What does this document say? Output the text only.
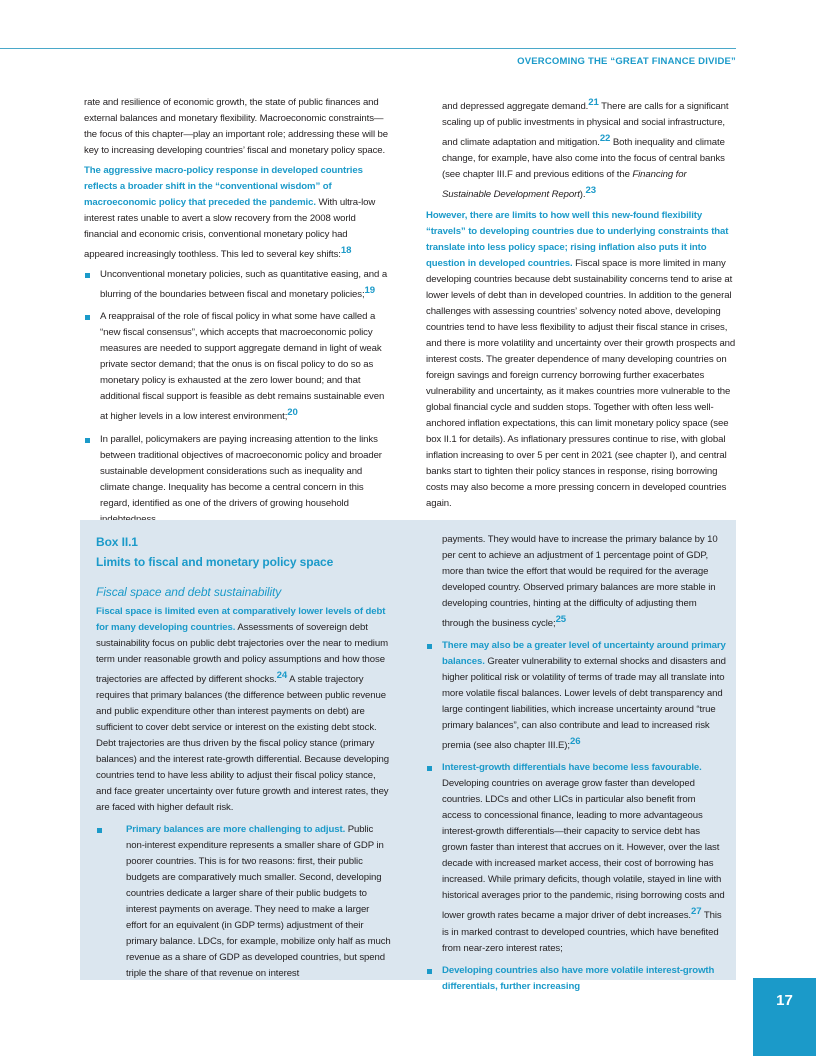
OVERCOMING THE “GREAT FINANCE DIVIDE”

rate and resilience of economic growth, the state of public finances and external balances and monetary flexibility. Macroeconomic constraints—the focus of this chapter—play an important role; addressing these will be key to increasing developing countries’ fiscal and monetary policy space.

The aggressive macro-policy response in developed countries reflects a broader shift in the “conventional wisdom” of macroeconomic policy that preceded the pandemic. With ultra-low interest rates unable to avert a slow recovery from the 2008 world financial and economic crisis, conventional monetary policy had appeared increasingly toothless. This led to several key shifts:$^{18}$

Unconventional monetary policies, such as quantitative easing, and a blurring of the boundaries between fiscal and monetary policies;$^{19}$
A reappraisal of the role of fiscal policy in what some have called a “new fiscal consensus”, which accepts that macroeconomic policy measures are needed to support aggregate demand in light of weak private sector demand; that the onus is on fiscal policy to do so as monetary policy is exhausted at the zero lower bound; and that additional fiscal support is feasible as debt remains sustainable even at higher levels in a low interest environment;$^{20}$
In parallel, policymakers are paying increasing attention to the links between traditional objectives of macroeconomic policy and broader sustainable development considerations such as inequality and climate change. Inequality has become a central concern in this regard, identified as one of the drivers of growing household

and depressed aggregate demand.$^{21}$ There are calls for a significant scaling up of public investments in physical and social infrastructure, and climate adaptation and mitigation.$^{22}$ Both inequality and climate change, for example, have also come into the focus of central banks (see chapter III.F and previous editions of the Financing for Sustainable Development Report).$^{23}$

However, there are limits to how well this new-found flexibility “travels” to developing countries due to underlying constraints that translate into less policy space; rising inflation also puts it into question in developed countries. Fiscal space is more limited in many developing countries because debt sustainability concerns tend to arise at lower levels of debt than in developed countries. In addition to the general challenges with assessing countries’ solvency noted above, developing countries tend to have less flexibility to adjust their fiscal stance in crises, and there is more volatility and uncertainty over their growth prospects and interest costs. The greater dependence of many developing countries on foreign savings and foreign currency borrowing further exacerbates vulnerability and uncertainty, as it makes countries more vulnerable to the global financial cycle and sudden stops. Together with often less well-anchored inflation expectations, this can limit monetary policy space (see box II.1 for details). As inflationary pressures continue to rise, with global inflation increasing to over 5 per cent in 2021 (see chapter I), and central banks start to tighten their policy stances in response, rising borrowing costs may also become a more pressing concern in developed countries again.

Box II.1
Limits to fiscal and monetary policy space
Fiscal space and debt sustainability

Fiscal space is limited even at comparatively lower levels of debt for many developing countries. Assessments of sovereign debt sustainability focus on public debt trajectories over the near to medium term under reasonable growth and policy assumptions and how those trajectories are affected by different shocks.$^{24}$ A stable trajectory requires that primary balances (the difference between public revenue and public expenditure other than interest payments on debt) are sufficient to cover debt service or interest on the existing debt stock. Debt trajectories are thus driven by the fiscal policy stance (primary balances) and the interest rate-growth differential. Because developing countries tend to have less ability to adjust their fiscal policy stance, and face greater uncertainty over future growth and interest rates, they are faced with higher default risk.

Primary balances are more challenging to adjust. Public non-interest expenditure represents a smaller share of GDP in poorer countries. This is for two reasons: first, their public budgets are comparatively much smaller. Second, developing countries dedicate a larger share of their public budgets to interest payments on average. They need to make a larger effort for an equivalent (in GDP terms) adjustment of their primary balance. LDCs, for example, mobilize only half as much revenue as a share of GDP as developed countries, but spend triple the share of that revenue on interest

payments. They would have to increase the primary balance by 10 per cent to achieve an adjustment of 1 percentage point of GDP, more than twice the effort that would be required for the average developed country. Observed primary balances are more stable in developing countries, hinting at the difficulty of adjusting them through the business cycle;$^{25}$

There may also be a greater level of uncertainty around primary balances. Greater vulnerability to external shocks and disasters and higher political risk or volatility of terms of trade may all translate into more volatile fiscal balances. Lower levels of debt transparency and large contingent liabilities, which increase uncertainty around “true primary balances”, can also contribute and lead to increased risk premia (see also chapter III.E);$^{26}$
Interest-growth differentials have become less favourable. Developing countries on average grow faster than developed countries. LDCs and other LICs in particular also benefit from access to concessional finance, leading to more advantageous interest-growth differentials—their capacity to service debt has grown faster than interest that accrues on it. However, over the last decade with increased market access, their cost of borrowing has increased. While primary deficits, though volatile, stayed in line with historical averages prior to the pandemic, rising borrowing costs and lower growth rates became a major driver of debt increases.$^{27}$ This is in marked contrast to developed countries, which have benefited from near-zero interest rates;
Developing countries also have more volatile interest-growth differentials, further increasing
17
